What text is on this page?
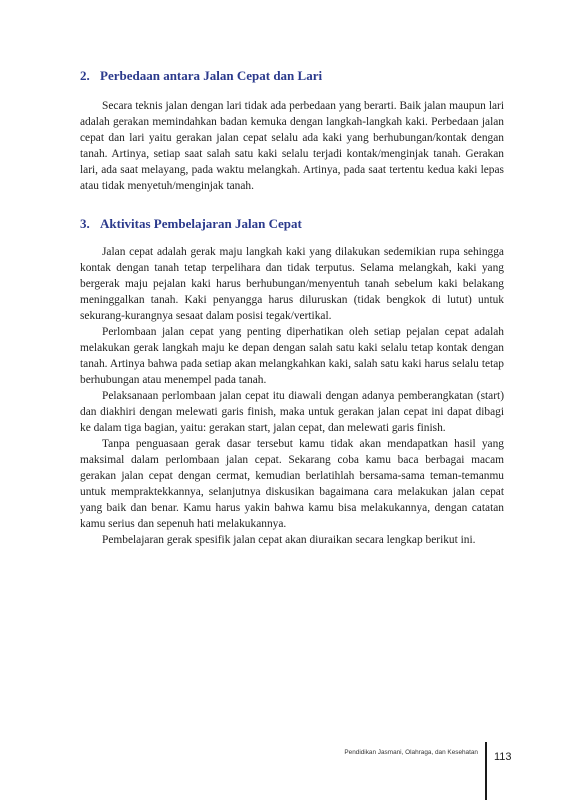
2. Perbedaan antara Jalan Cepat dan Lari

Secara teknis jalan dengan lari tidak ada perbedaan yang berarti. Baik jalan maupun lari adalah gerakan memindahkan badan kemuka dengan langkah-langkah kaki. Perbedaan jalan cepat dan lari yaitu gerakan jalan cepat selalu ada kaki yang berhubungan/kontak dengan tanah. Artinya, setiap saat salah satu kaki selalu terjadi kontak/menginjak tanah. Gerakan lari, ada saat melayang, pada waktu melangkah. Artinya, pada saat tertentu kedua kaki lepas atau tidak menyetuh/menginjak tanah.

3. Aktivitas Pembelajaran Jalan Cepat

Jalan cepat adalah gerak maju langkah kaki yang dilakukan sedemikian rupa sehingga kontak dengan tanah tetap terpelihara dan tidak terputus. Selama melangkah, kaki yang bergerak maju pejalan kaki harus berhubungan/menyentuh tanah sebelum kaki belakang meninggalkan tanah. Kaki penyangga harus diluruskan (tidak bengkok di lutut) untuk sekurang-kurangnya sesaat dalam posisi tegak/vertikal.

Perlombaan jalan cepat yang penting diperhatikan oleh setiap pejalan cepat adalah melakukan gerak langkah maju ke depan dengan salah satu kaki selalu tetap kontak dengan tanah. Artinya bahwa pada setiap akan melangkahkan kaki, salah satu kaki harus selalu tetap berhubungan atau menempel pada tanah.

Pelaksanaan perlombaan jalan cepat itu diawali dengan adanya pemberangkatan (start) dan diakhiri dengan melewati garis finish, maka untuk gerakan jalan cepat ini dapat dibagi ke dalam tiga bagian, yaitu: gerakan start, jalan cepat, dan melewati garis finish.

Tanpa penguasaan gerak dasar tersebut kamu tidak akan mendapatkan hasil yang maksimal dalam perlombaan jalan cepat. Sekarang coba kamu baca berbagai macam gerakan jalan cepat dengan cermat, kemudian berlatihlah bersama-sama teman-temanmu untuk mempraktekkannya, selanjutnya diskusikan bagaimana cara melakukan jalan cepat yang baik dan benar. Kamu harus yakin bahwa kamu bisa melakukannya, dengan catatan kamu serius dan sepenuh hati melakukannya.

Pembelajaran gerak spesifik jalan cepat akan diuraikan secara lengkap berikut ini.

Pendidikan Jasmani, Olahraga, dan Kesehatan 113
